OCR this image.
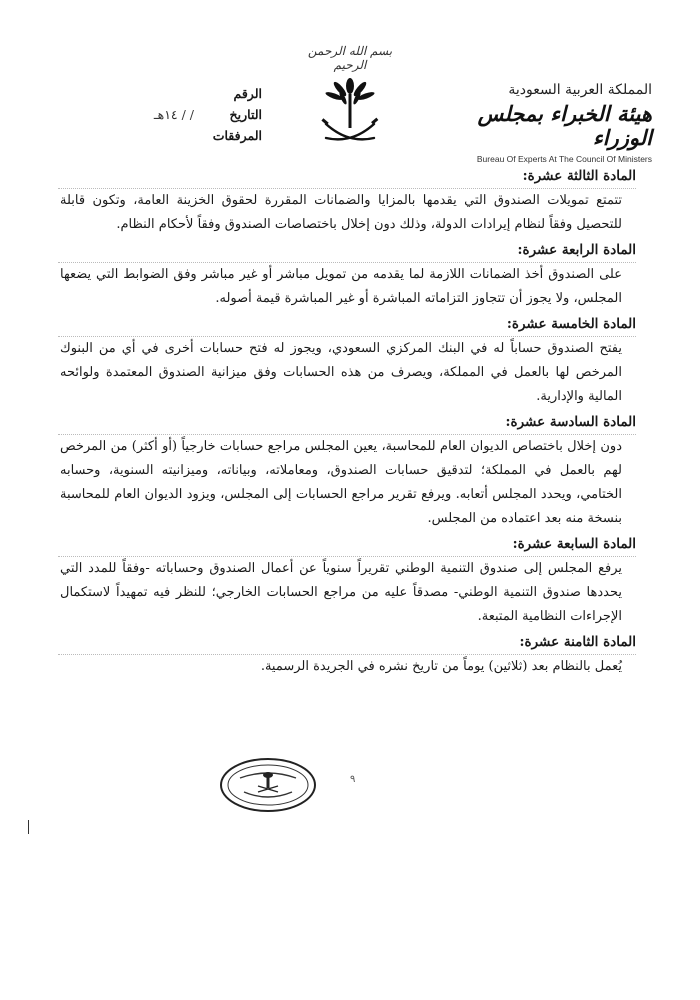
بسم الله الرحمن الرحيم
المملكة العربية السعودية
هيئة الخبراء بمجلس الوزراء
Bureau Of Experts At The Council Of Ministers
الرقم
التاريخ
/ / ١٤هـ
المرفقات
المادة الثالثة عشرة:

تتمتع تمويلات الصندوق التي يقدمها بالمزايا والضمانات المقررة لحقوق الخزينة العامة، وتكون قابلة للتحصيل وفقاً لنظام إيرادات الدولة، وذلك دون إخلال باختصاصات الصندوق وفقاً لأحكام النظام.

المادة الرابعة عشرة:

على الصندوق أخذ الضمانات اللازمة لما يقدمه من تمويل مباشر أو غير مباشر وفق الضوابط التي يضعها المجلس، ولا يجوز أن تتجاوز التزاماته المباشرة أو غير المباشرة قيمة أصوله.

المادة الخامسة عشرة:

يفتح الصندوق حساباً له في البنك المركزي السعودي، ويجوز له فتح حسابات أخرى في أي من البنوك المرخص لها بالعمل في المملكة، ويصرف من هذه الحسابات وفق ميزانية الصندوق المعتمدة ولوائحه المالية والإدارية.

المادة السادسة عشرة:

دون إخلال باختصاص الديوان العام للمحاسبة، يعين المجلس مراجع حسابات خارجياً (أو أكثر) من المرخص لهم بالعمل في المملكة؛ لتدقيق حسابات الصندوق، ومعاملاته، وبياناته، وميزانيته السنوية، وحسابه الختامي، ويحدد المجلس أتعابه. ويرفع تقرير مراجع الحسابات إلى المجلس، ويزود الديوان العام للمحاسبة بنسخة منه بعد اعتماده من المجلس.

المادة السابعة عشرة:

يرفع المجلس إلى صندوق التنمية الوطني تقريراً سنوياً عن أعمال الصندوق وحساباته -وفقاً للمدد التي يحددها صندوق التنمية الوطني- مصدقاً عليه من مراجع الحسابات الخارجي؛ للنظر فيه تمهيداً لاستكمال الإجراءات النظامية المتبعة.

المادة الثامنة عشرة:

يُعمل بالنظام بعد (ثلاثين) يوماً من تاريخ نشره في الجريدة الرسمية.

٩
